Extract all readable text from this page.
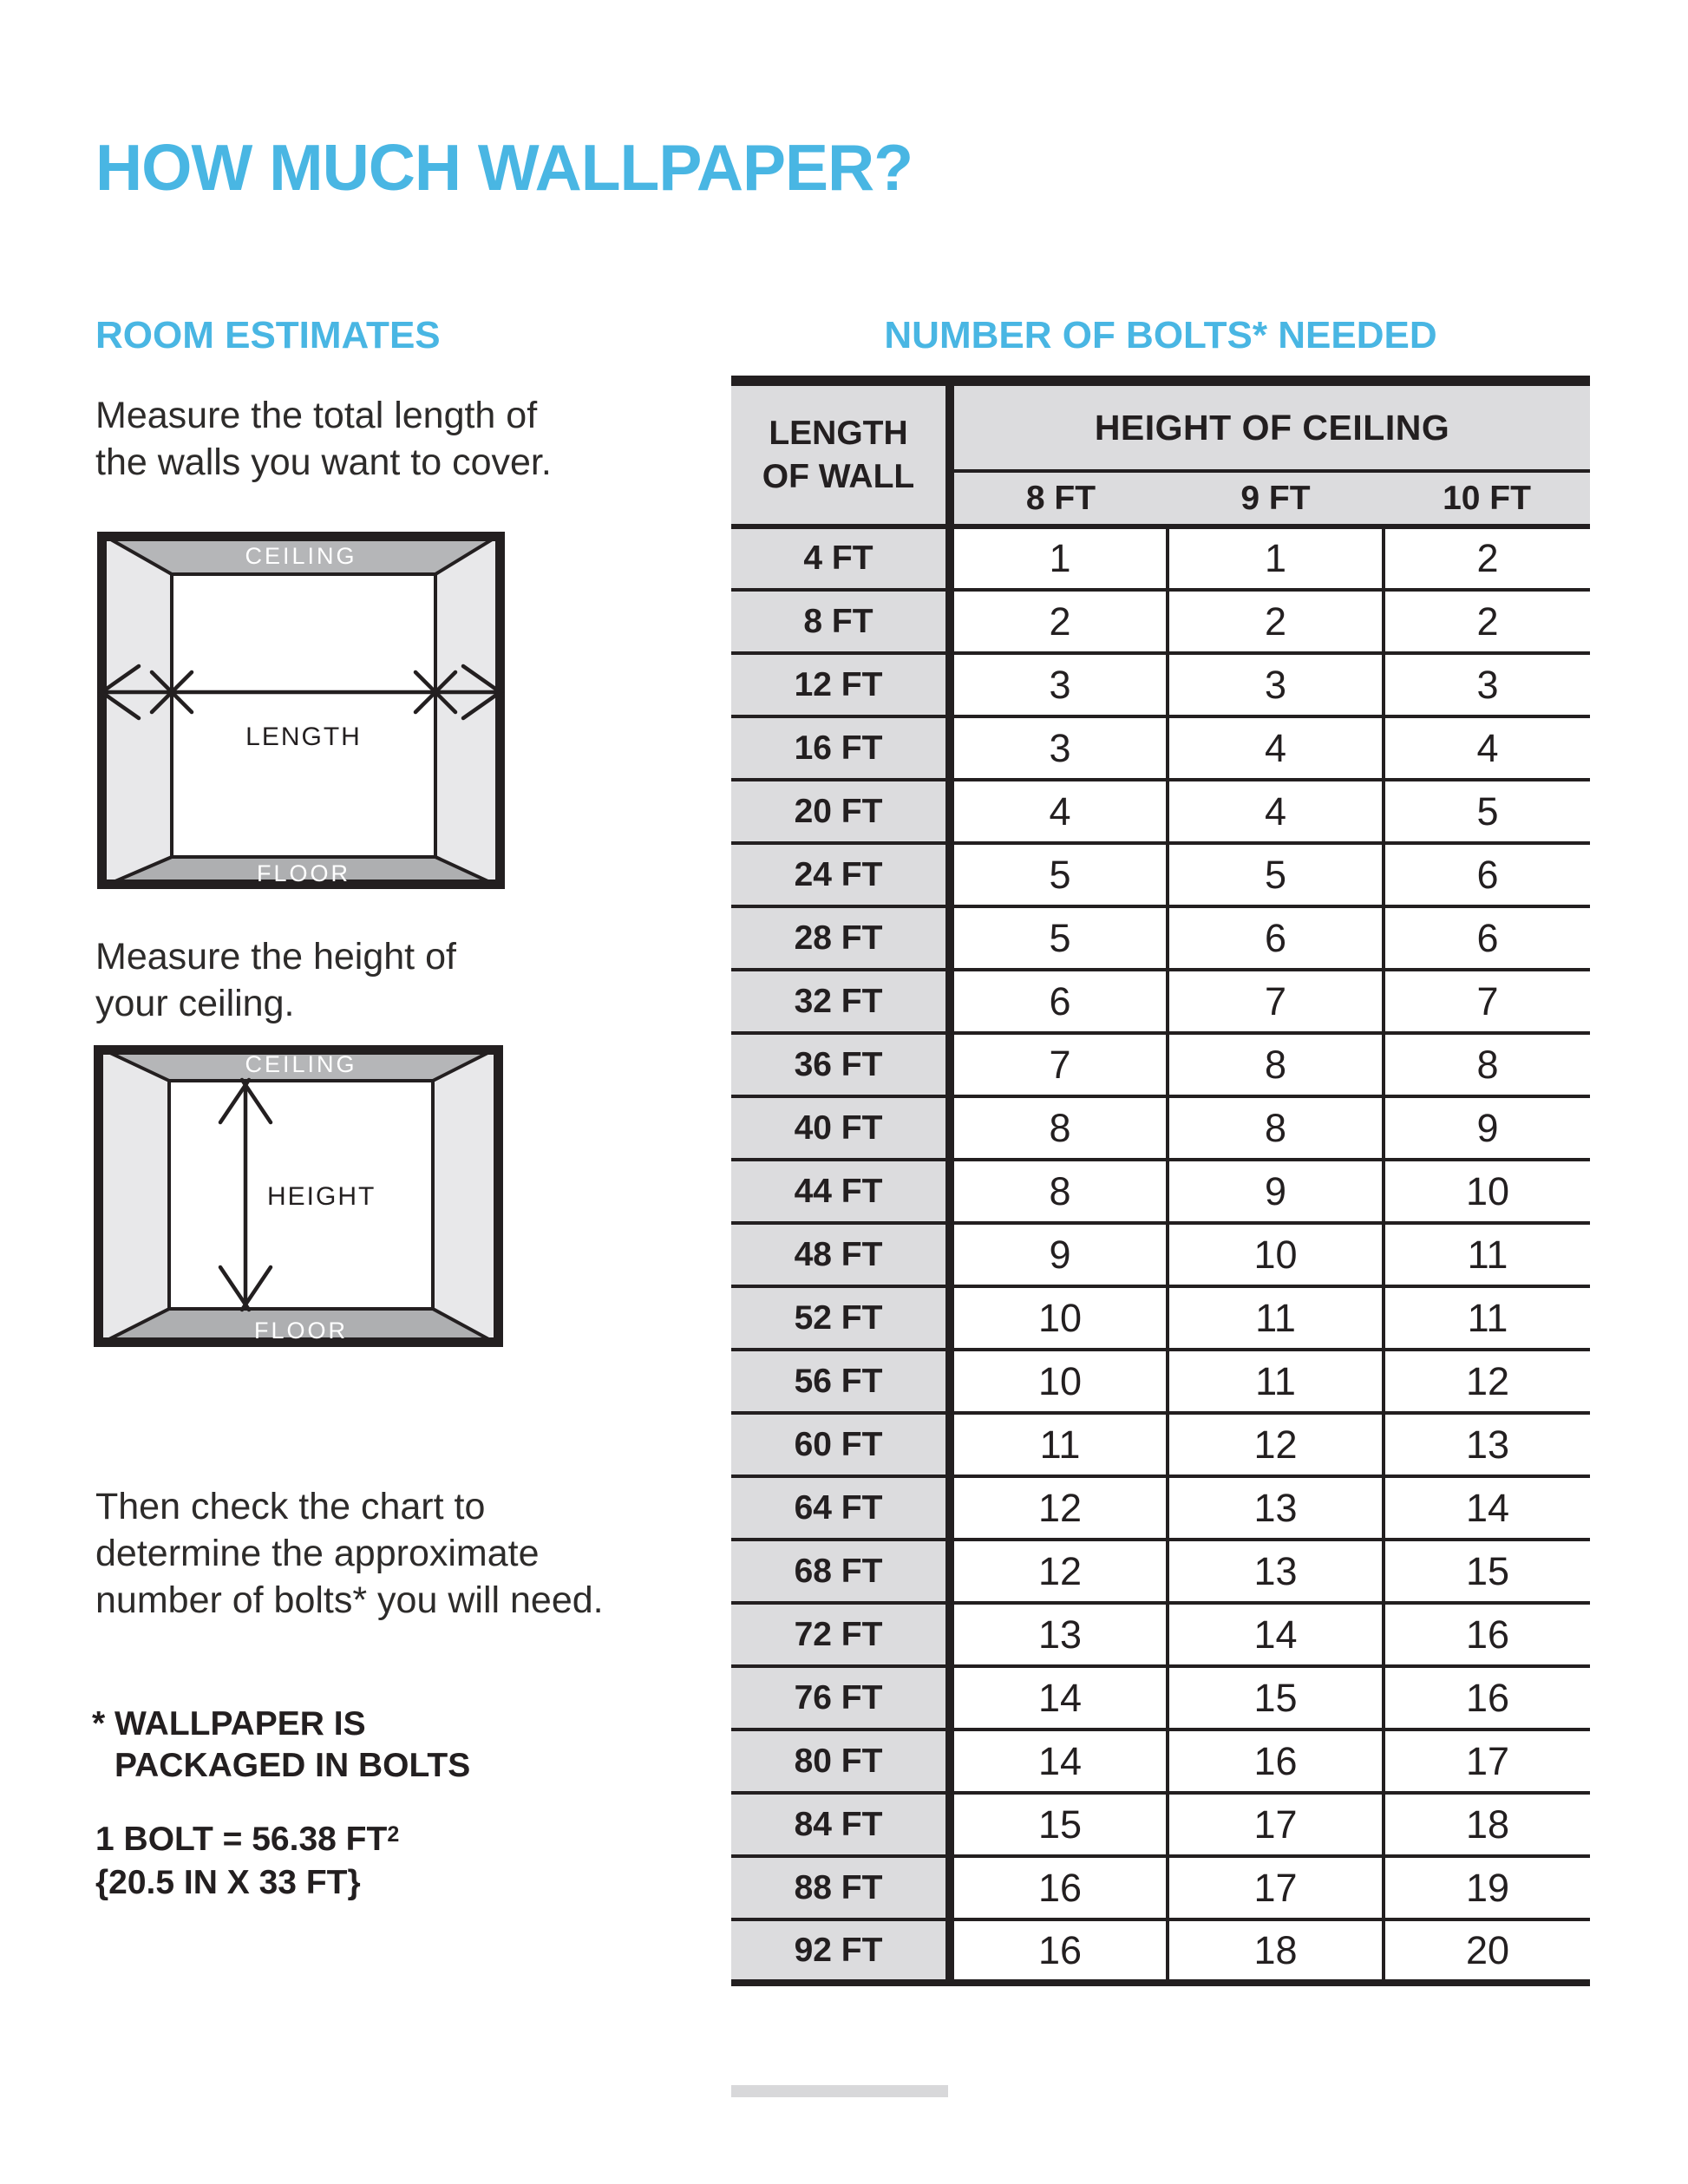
HOW MUCH WALLPAPER?
ROOM ESTIMATES	NUMBER OF BOLTS* NEEDED
Measure the total length of
the walls you want to cover.
CEILING
LENGTH
FLOOR
Measure the height of
your ceiling.
CEILING
HEIGHT
FLOOR
Then check the chart to
determine the approximate
number of bolts* you will need.
* WALLPAPER IS
PACKAGED IN BOLTS
1 BOLT = 56.38 $FT^2$
{20.5 IN X 33 FT}
LENGTH
OF WALL	HEIGHT OF CEILING		
	8 FT	9 FT	10 FT
4 FT	1	1	2
8 FT	2	2	2
12 FT	3	3	3
16 FT	3	4	4
20 FT	4	4	5
24 FT	5	5	6
28 FT	5	6	6
32 FT	6	7	7
36 FT	7	8	8
40 FT	8	8	9
44 FT	8	9	10
48 FT	9	10	11
52 FT	10	11	11
56 FT	10	11	12
60 FT	11	12	13
64 FT	12	13	14
68 FT	12	13	15
72 FT	13	14	16
76 FT	14	15	16
80 FT	14	16	17
84 FT	15	17	18
88 FT	16	17	19
92 FT	16	18	20
